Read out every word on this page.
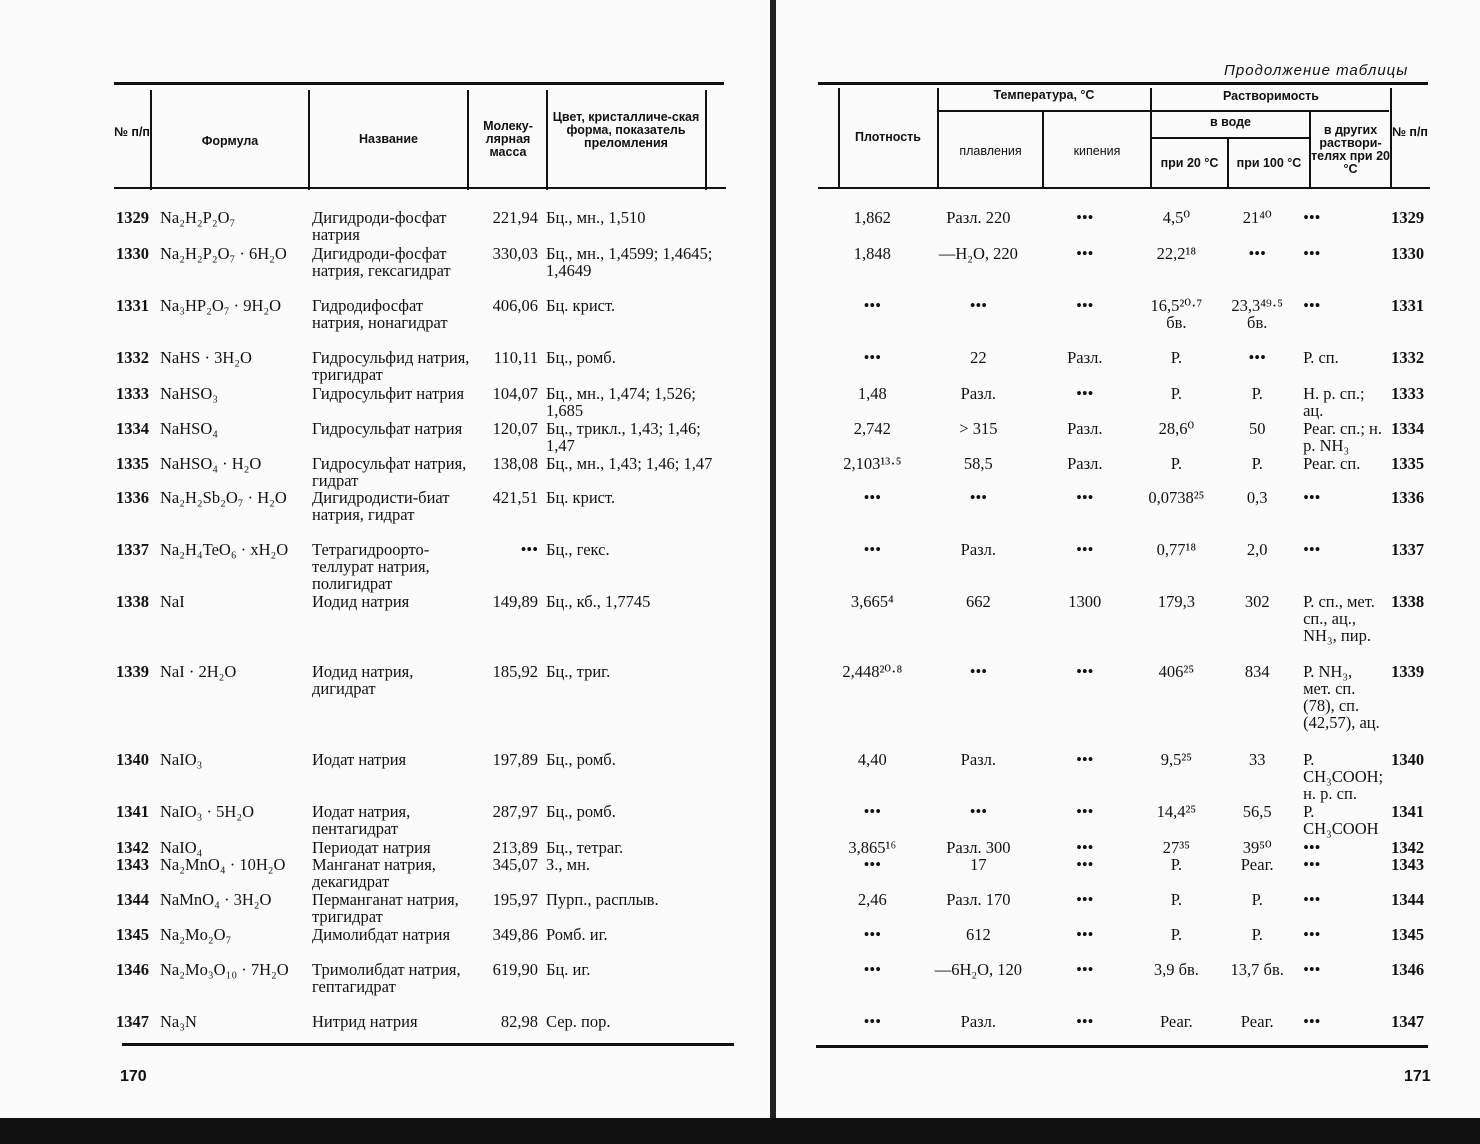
№ п/п
Формула	Название
Молеку-лярная масса
Цвет, кристалличе-ская форма, показатель преломления
1329	Na₂H₂P₂O₇	Дигидроди-фосфат натрия	221,94	Бц., мн., 1,510
1330	Na₂H₂P₂O₇ · 6H₂O	Дигидроди-фосфат натрия, гексагидрат	330,03	Бц., мн., 1,4599; 1,4645; 1,4649
1331	Na₃HP₂O₇ · 9H₂O	Гидродифосфат натрия, нонагидрат	406,06	Бц. крист.
1332	NaHS · 3H₂O	Гидросульфид натрия, тригидрат	110,11	Бц., ромб.
1333	NaHSO₃	Гидросульфит натрия	104,07	Бц., мн., 1,474; 1,526; 1,685
1334	NaHSO₄	Гидросульфат натрия	120,07	Бц., трикл., 1,43; 1,46; 1,47
1335	NaHSO₄ · H₂O	Гидросульфат натрия, гидрат	138,08	Бц., мн., 1,43; 1,46; 1,47
1336	Na₂H₂Sb₂O₇ · H₂O	Дигидродисти-биат натрия, гидрат	421,51	Бц. крист.
1337	Na₂H₄TeO₆ · xH₂O	Тетрагидроорто-теллурат натрия, полигидрат	•••	Бц., гекс.
1338	NaI	Иодид натрия	149,89	Бц., кб., 1,7745
1339	NaI · 2H₂O	Иодид натрия, дигидрат	185,92	Бц., триг.
1340	NaIO₃	Иодат натрия	197,89	Бц., ромб.
1341	NaIO₃ · 5H₂O	Иодат натрия, пентагидрат	287,97	Бц., ромб.
1342	NaIO₄	Периодат натрия	213,89	Бц., тетраг.
1343	Na₂MnO₄ · 10H₂O	Манганат натрия, декагидрат	345,07	З., мн.
1344	NaMnO₄ · 3H₂O	Перманганат натрия, тригидрат	195,97	Пурп., расплыв.
1345	Na₂Mo₂O₇	Димолибдат натрия	349,86	Ромб. иг.
1346	Na₂Mo₃O₁₀ · 7H₂O	Тримолибдат натрия, гептагидрат	619,90	Бц. иг.
1347	Na₃N	Нитрид натрия	82,98	Сер. пор.
170
Продолжение таблицы
Плотность
Температура, °С
плавления	кипения
Растворимость
в воде
при 20 °С	при 100 °С
в других раствори-телях при 20 °С
№ п/п
1,862	Разл. 220	•••	4,5⁰	21⁴⁰	•••	1329
1,848	—H₂O, 220	•••	22,2¹⁸	•••	•••	1330
•••	•••	•••	16,5²⁰·⁷ бв.	23,3⁴⁹·⁵ бв.	•••	1331
•••	22	Разл.	Р.	•••	Р. сп.	1332
1,48	Разл.	•••	Р.	Р.	Н. р. сп.; ац.	1333
2,742	> 315	Разл.	28,6⁰	50	Реаг. сп.; н. р. NH₃	1334
2,103¹³·⁵	58,5	Разл.	Р.	Р.	Реаг. сп.	1335
•••	•••	•••	0,0738²⁵	0,3	•••	1336
•••	Разл.	•••	0,77¹⁸	2,0	•••	1337
3,665⁴	662	1300	179,3	302	Р. сп., мет. сп., ац., NH₃, пир.	1338
2,448²⁰·⁸	•••	•••	406²⁵	834	Р. NH₃, мет. сп. (78), сп. (42,57), ац.	1339
4,40	Разл.	•••	9,5²⁵	33	Р. CH₃COOH; н. р. сп.	1340
•••	•••	•••	14,4²⁵	56,5	Р. CH₃COOH	1341
3,865¹⁶	Разл. 300	•••	27³⁵	39⁵⁰	•••	1342
•••	17	•••	Р.	Реаг.	•••	1343
2,46	Разл. 170	•••	Р.	Р.	•••	1344
•••	612	•••	Р.	Р.	•••	1345
•••	—6H₂O, 120	•••	3,9 бв.	13,7 бв.	•••	1346
•••	Разл.	•••	Реаг.	Реаг.	•••	1347
171
